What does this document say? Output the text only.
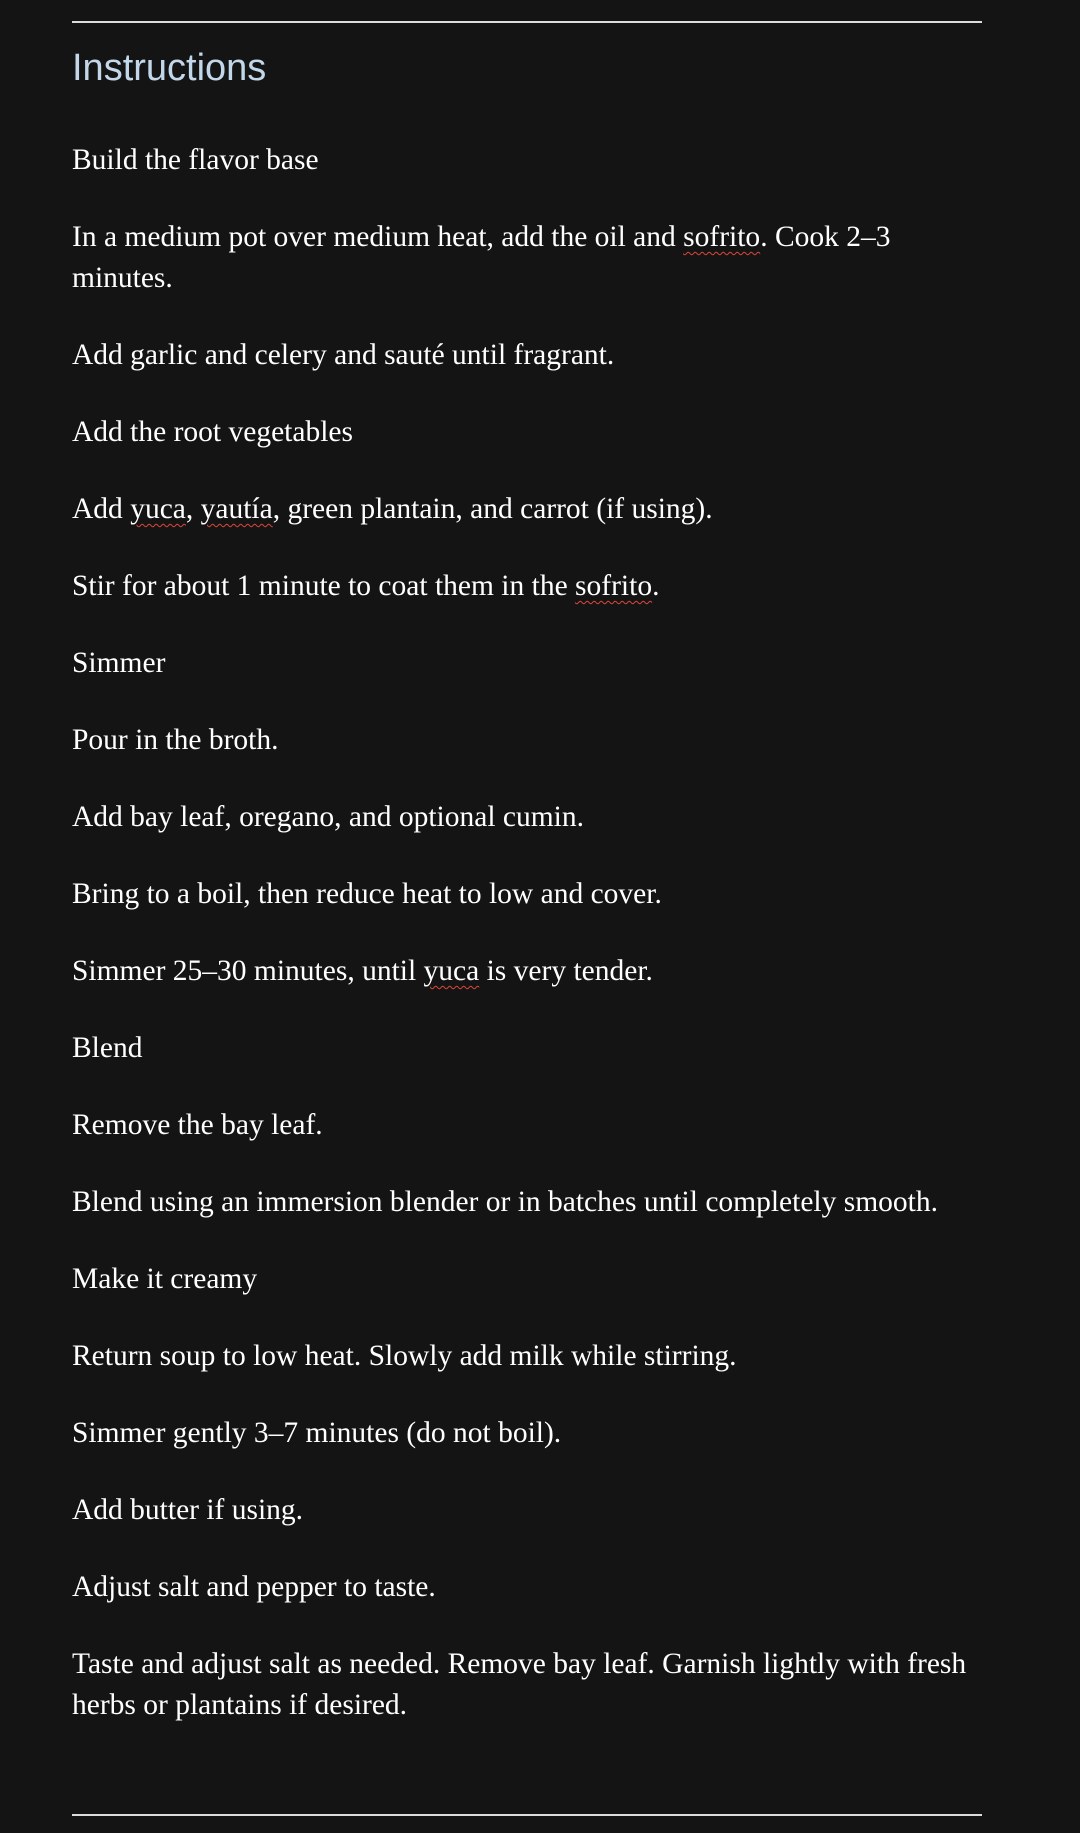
Instructions

Build the flavor base

In a medium pot over medium heat, add the oil and sofrito. Cook 2–3 minutes.

Add garlic and celery and sauté until fragrant.

Add the root vegetables

Add yuca, yautía, green plantain, and carrot (if using).

Stir for about 1 minute to coat them in the sofrito.

Simmer

Pour in the broth.

Add bay leaf, oregano, and optional cumin.

Bring to a boil, then reduce heat to low and cover.

Simmer 25–30 minutes, until yuca is very tender.

Blend

Remove the bay leaf.

Blend using an immersion blender or in batches until completely smooth.

Make it creamy

Return soup to low heat. Slowly add milk while stirring.

Simmer gently 3–7 minutes (do not boil).

Add butter if using.

Adjust salt and pepper to taste.

Taste and adjust salt as needed. Remove bay leaf. Garnish lightly with fresh herbs or plantains if desired.
